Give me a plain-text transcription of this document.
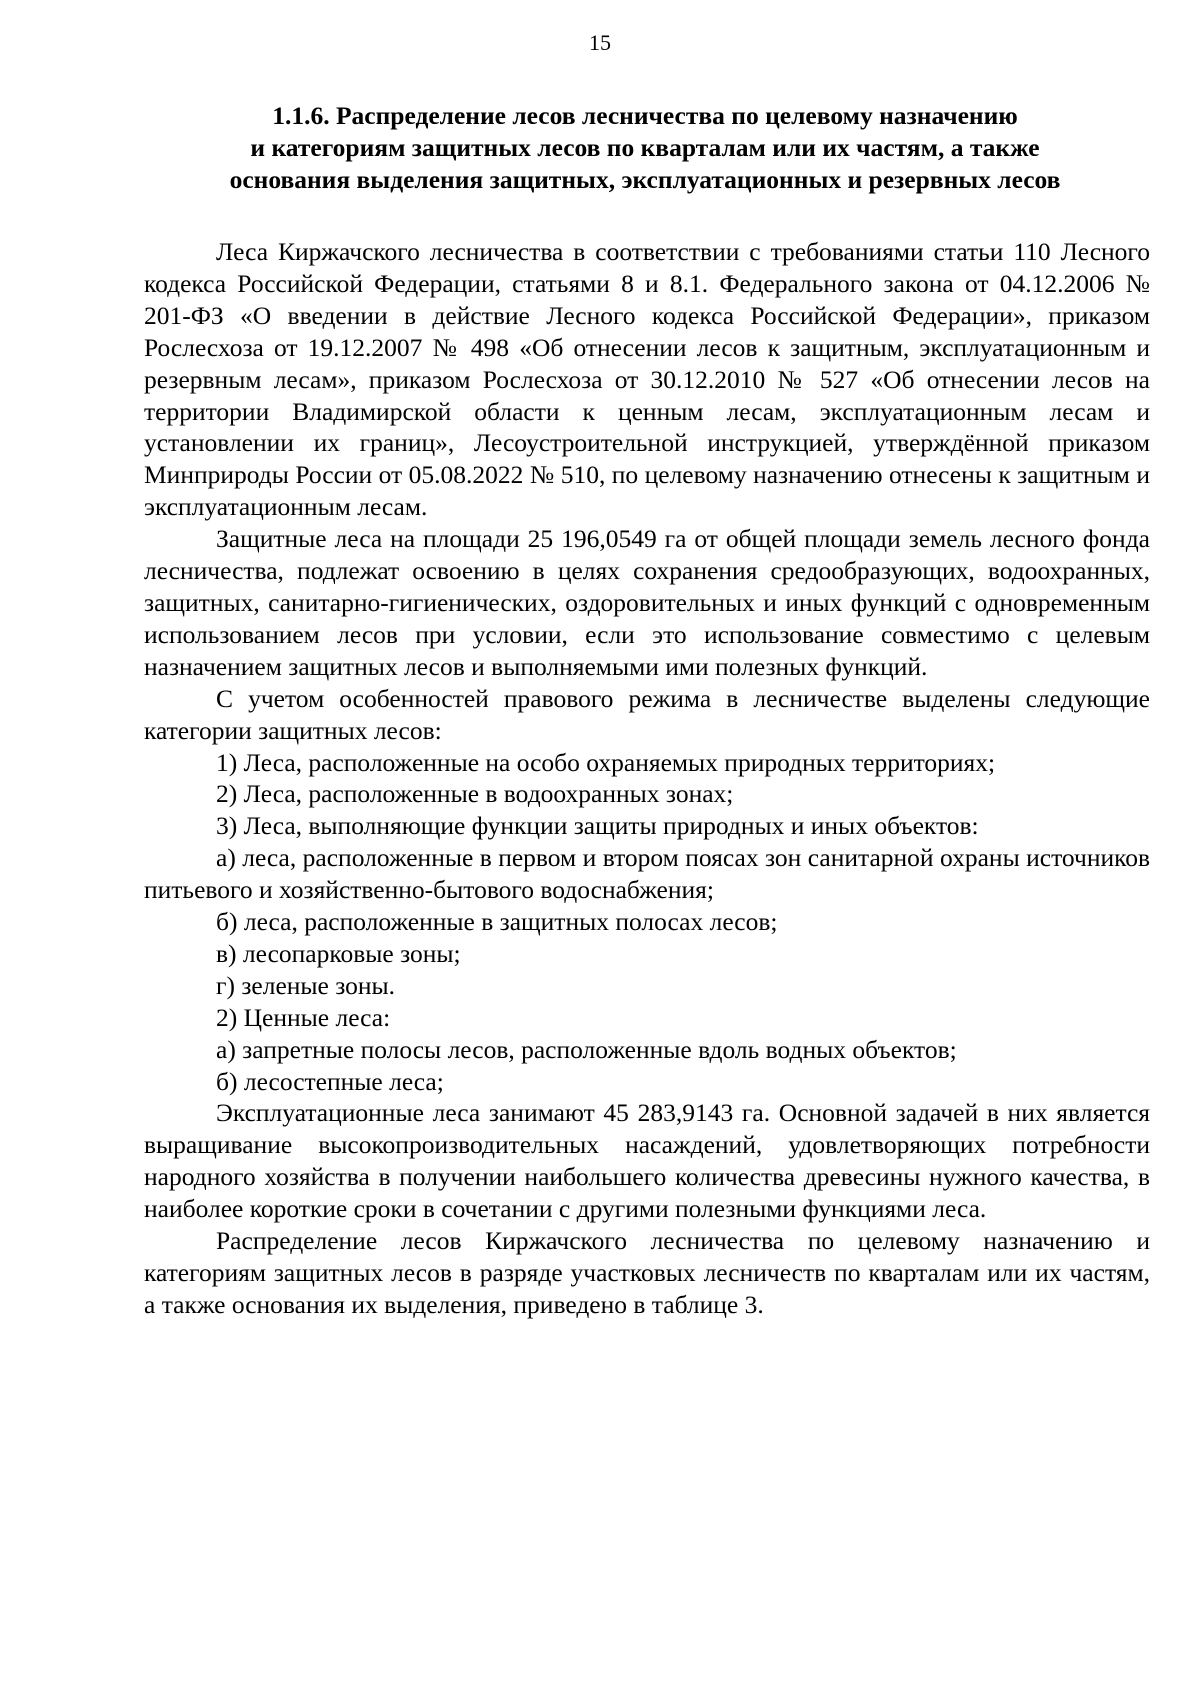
15
1.1.6. Распределение лесов лесничества по целевому назначению
и категориям защитных лесов по кварталам или их частям, а также
основания выделения защитных, эксплуатационных и резервных лесов

Леса Киржачского лесничества в соответствии с требованиями статьи 110 Лесного кодекса Российской Федерации, статьями 8 и 8.1. Федерального закона от 04.12.2006 № 201-ФЗ «О введении в действие Лесного кодекса Российской Федерации», приказом Рослесхоза от 19.12.2007 № 498 «Об отнесении лесов к защитным, эксплуатационным и резервным лесам», приказом Рослесхоза от 30.12.2010 № 527 «Об отнесении лесов на территории Владимирской области к ценным лесам, эксплуатационным лесам и установлении их границ», Лесоустроительной инструкцией, утверждённой приказом Минприроды России от 05.08.2022 № 510, по целевому назначению отнесены к защитным и эксплуатационным лесам.

Защитные леса на площади 25 196,0549 га от общей площади земель лесного фонда лесничества, подлежат освоению в целях сохранения средообразующих, водоохранных, защитных, санитарно-гигиенических, оздоровительных и иных функций с одновременным использованием лесов при условии, если это использование совместимо с целевым назначением защитных лесов и выполняемыми ими полезных функций.

С учетом особенностей правового режима в лесничестве выделены следующие категории защитных лесов:

1) Леса, расположенные на особо охраняемых природных территориях;

2) Леса, расположенные в водоохранных зонах;

3) Леса, выполняющие функции защиты природных и иных объектов:

а) леса, расположенные в первом и втором поясах зон санитарной охраны источников питьевого и хозяйственно-бытового водоснабжения;

б) леса, расположенные в защитных полосах лесов;

в) лесопарковые зоны;

г) зеленые зоны.

2) Ценные леса:

а) запретные полосы лесов, расположенные вдоль водных объектов;

б) лесостепные леса;

Эксплуатационные леса занимают 45 283,9143 га. Основной задачей в них является выращивание высокопроизводительных насаждений, удовлетворяющих потребности народного хозяйства в получении наибольшего количества древесины нужного качества, в наиболее короткие сроки в сочетании с другими полезными функциями леса.

Распределение лесов Киржачского лесничества по целевому назначению и категориям защитных лесов в разряде участковых лесничеств по кварталам или их частям, а также основания их выделения, приведено в таблице 3.
